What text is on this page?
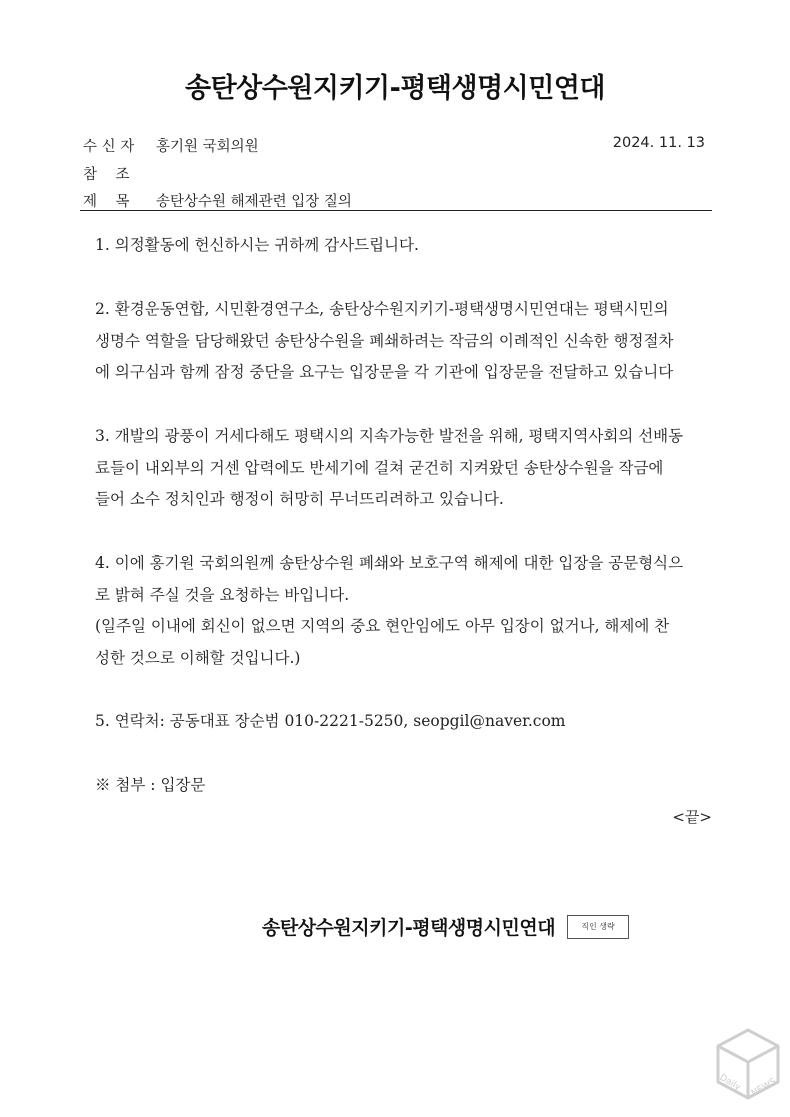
송탄상수원지키기-평택생명시민연대
수 신 자 홍기원 국회의원	2024. 11. 13
참    조
제    목 송탄상수원 해제관련 입장 질의
1. 의정활동에 헌신하시는 귀하께 감사드립니다.
2. 환경운동연합, 시민환경연구소, 송탄상수원지키기-평택생명시민연대는 평택시민의
생명수 역할을 담당해왔던 송탄상수원을 폐쇄하려는 작금의 이례적인 신속한 행정절차
에 의구심과 함께 잠정 중단을 요구는 입장문을 각 기관에 입장문을 전달하고 있습니다
3. 개발의 광풍이 거세다해도 평택시의 지속가능한 발전을 위해, 평택지역사회의 선배동
료들이 내외부의 거센 압력에도 반세기에 걸쳐 굳건히 지켜왔던 송탄상수원을 작금에
들어 소수 정치인과 행정이 허망히 무너뜨리려하고 있습니다.
4. 이에 홍기원 국회의원께 송탄상수원 폐쇄와 보호구역 해제에 대한 입장을 공문형식으
로 밝혀 주실 것을 요청하는 바입니다.
(일주일 이내에 회신이 없으면 지역의 중요 현안임에도 아무 입장이 없거나, 해제에 찬
성한 것으로 이해할 것입니다.)
5. 연락처: 공동대표 장순범 010-2221-5250, seopgil@naver.com
※ 첨부 : 입장문
<끝>
송탄상수원지키기-평택생명시민연대	직인 생략
Daily NEWS
